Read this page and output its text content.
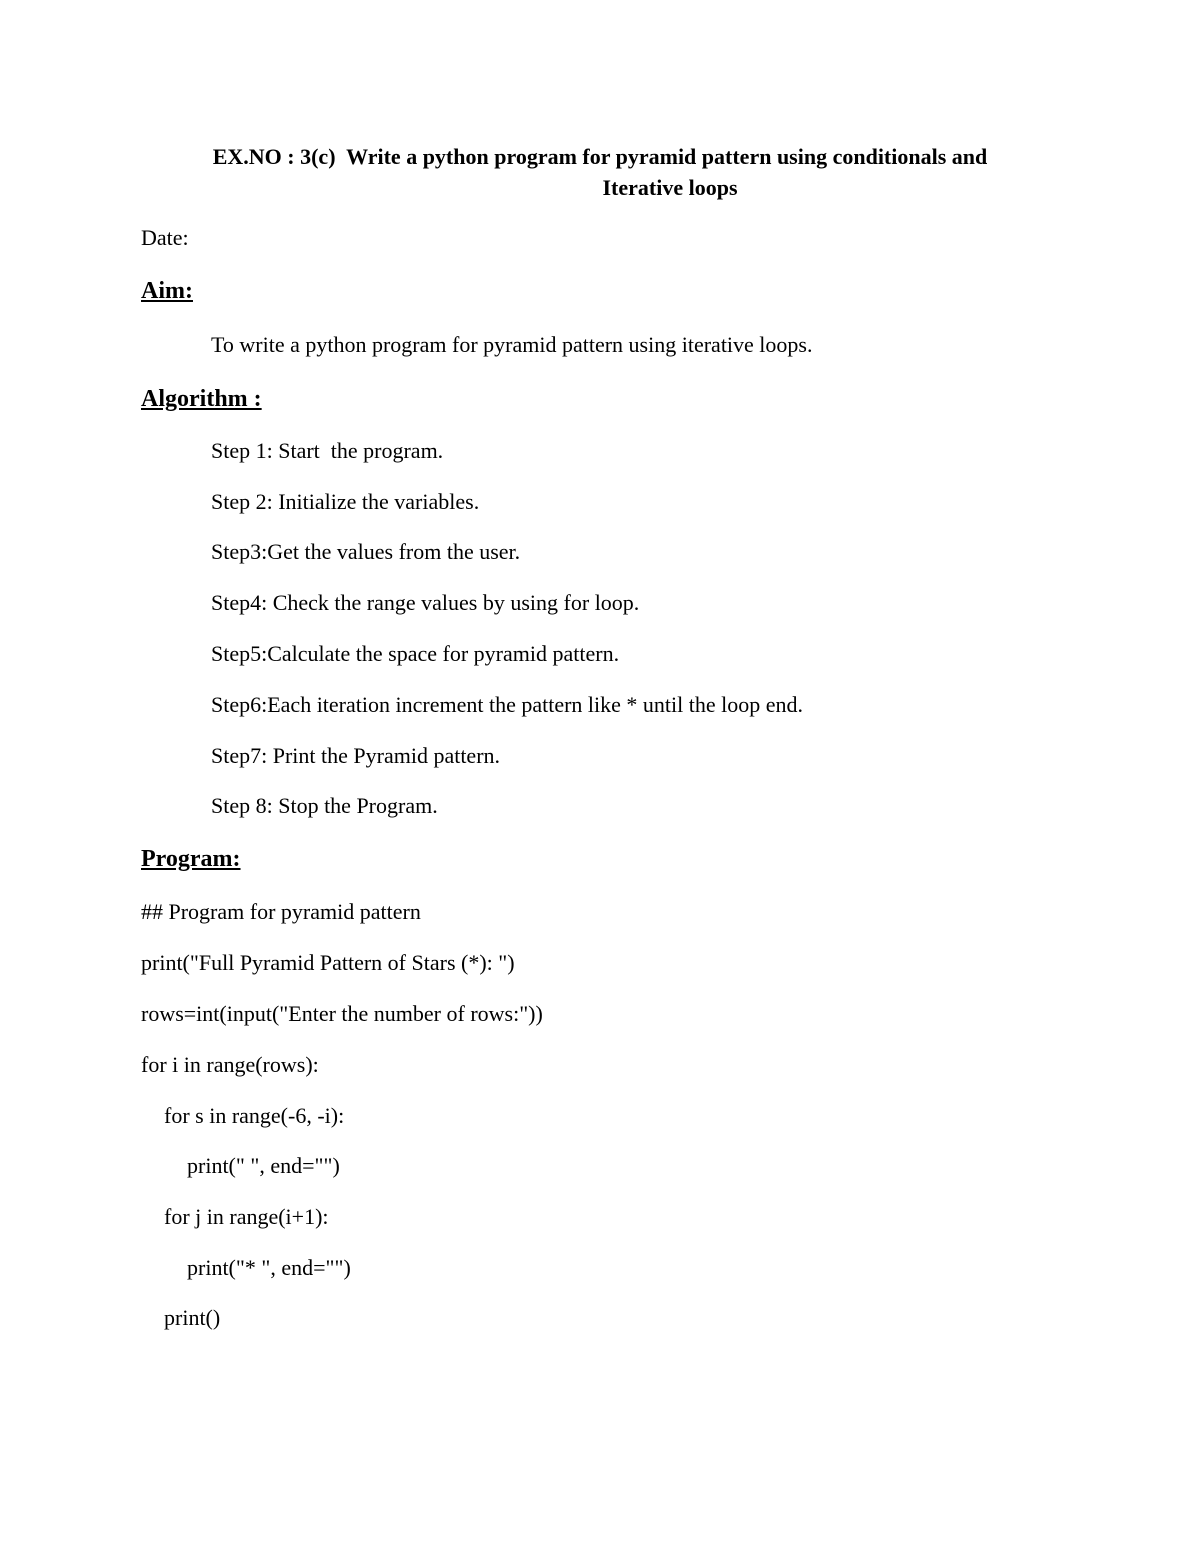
EX.NO : 3(c)  Write a python program for pyramid pattern using conditionals and
Iterative loops
Date:
Aim:
To write a python program for pyramid pattern using iterative loops.
Algorithm :
Step 1: Start  the program.
Step 2: Initialize the variables.
Step3:Get the values from the user.
Step4: Check the range values by using for loop.
Step5:Calculate the space for pyramid pattern.
Step6:Each iteration increment the pattern like * until the loop end.
Step7: Print the Pyramid pattern.
Step 8: Stop the Program.
Program:
## Program for pyramid pattern
print("Full Pyramid Pattern of Stars (*): ")
rows=int(input("Enter the number of rows:"))
for i in range(rows):
for s in range(-6, -i):
print(" ", end="")
for j in range(i+1):
print("* ", end="")
print()
